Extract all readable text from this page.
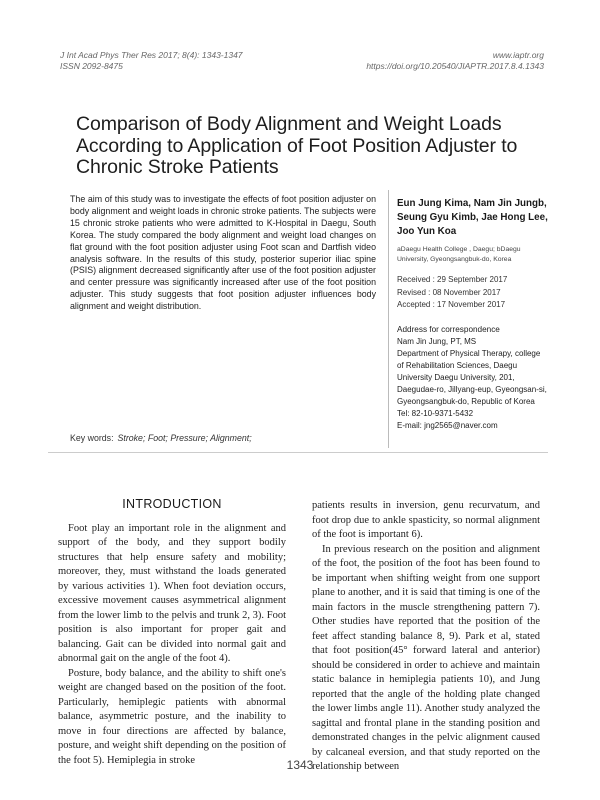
J Int Acad Phys Ther Res 2017; 8(4): 1343-1347
ISSN 2092-8475
www.iaptr.org
https://doi.org/10.20540/JIAPTR.2017.8.4.1343
Comparison of Body Alignment and Weight Loads According to Application of Foot Position Adjuster to Chronic Stroke Patients
The aim of this study was to investigate the effects of foot position adjuster on body alignment and weight loads in chronic stroke patients. The subjects were 15 chronic stroke patients who were admitted to K-Hospital in Daegu, South Korea. The study compared the body alignment and weight load changes on flat ground with the foot position adjuster using Foot scan and Dartfish video analysis software. In the results of this study, posterior superior iliac spine (PSIS) alignment decreased significantly after use of the foot position adjuster and center pressure was significantly increased after use of the foot position adjuster. This study suggests that foot position adjuster influences body alignment and weight distribution.
Key words: Stroke; Foot; Pressure; Alignment;
Eun Jung Kima, Nam Jin Jungb, Seung Gyu Kimb, Jae Hong Lee, Joo Yun Koa
aDaegu Health College , Daegu; bDaegu University, Gyeongsangbuk-do, Korea
Received : 29 September 2017
Revised : 08 November 2017
Accepted : 17 November 2017
Address for correspondence
Nam Jin Jung, PT, MS
Department of Physical Therapy, college of Rehabilitation Sciences, Daegu University Daegu University, 201, Daegudae-ro, Jillyang-eup, Gyeongsan-si, Gyeongsangbuk-do, Republic of Korea
Tel: 82-10-9371-5432
E-mail: jng2565@naver.com
INTRODUCTION

Foot play an important role in the alignment and support of the body, and they support bodily structures that help ensure safety and mobility; moreover, they, must withstand the loads generated by various activities 1). When foot deviation occurs, excessive movement causes asymmetrical alignment from the lower limb to the pelvis and trunk 2, 3). Foot position is also important for proper gait and balancing. Gait can be divided into normal gait and abnormal gait on the angle of the foot 4).

Posture, body balance, and the ability to shift one's weight are changed based on the position of the foot. Particularly, hemiplegic patients with abnormal balance, asymmetric posture, and the inability to move in four directions are affected by balance, posture, and weight shift depending on the position of the foot 5). Hemiplegia in stroke

patients results in inversion, genu recurvatum, and foot drop due to ankle spasticity, so normal alignment of the foot is important 6).

In previous research on the position and alignment of the foot, the position of the foot has been found to be important when shifting weight from one support plane to another, and it is said that timing is one of the main factors in the muscle strengthening pattern 7). Other studies have reported that the position of the feet affect standing balance 8, 9). Park et al, stated that foot position(45° forward lateral and anterior) should be considered in order to achieve and maintain static balance in hemiplegia patients 10), and Jung reported that the angle of the holding plate changed the lower limbs angle 11). Another study analyzed the sagittal and frontal plane in the standing position and demonstrated changes in the pelvic alignment caused by calcaneal eversion, and that study reported on the relationship between

1343
